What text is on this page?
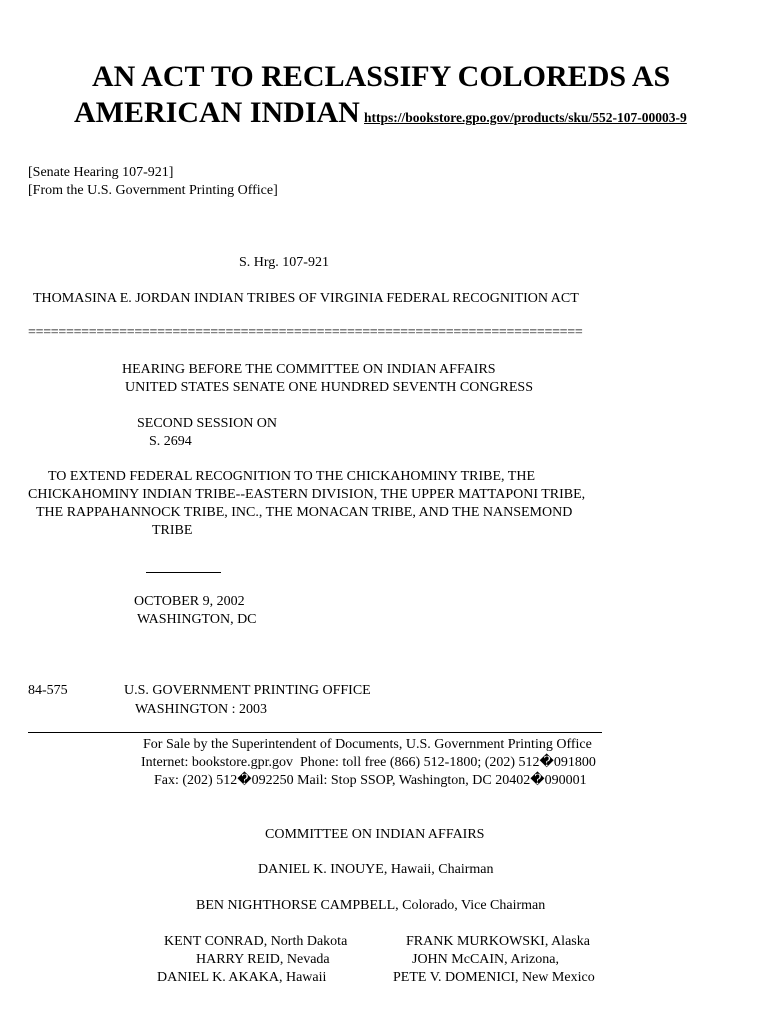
AN ACT TO RECLASSIFY COLOREDS AS
AMERICAN INDIAN https://bookstore.gpo.gov/products/sku/552-107-00003-9
[Senate Hearing 107-921]
[From the U.S. Government Printing Office]
S. Hrg. 107-921
THOMASINA E. JORDAN INDIAN TRIBES OF VIRGINIA FEDERAL RECOGNITION ACT
=========================================================================
HEARING BEFORE THE COMMITTEE ON INDIAN AFFAIRS
UNITED STATES SENATE ONE HUNDRED SEVENTH CONGRESS
SECOND SESSION ON
S. 2694
TO EXTEND FEDERAL RECOGNITION TO THE CHICKAHOMINY TRIBE, THE
CHICKAHOMINY INDIAN TRIBE--EASTERN DIVISION, THE UPPER MATTAPONI TRIBE,
THE RAPPAHANNOCK TRIBE, INC., THE MONACAN TRIBE, AND THE NANSEMOND
TRIBE
OCTOBER 9, 2002
WASHINGTON, DC
84-575	U.S. GOVERNMENT PRINTING OFFICE
WASHINGTON : 2003
For Sale by the Superintendent of Documents, U.S. Government Printing Office
Internet: bookstore.gpr.gov  Phone: toll free (866) 512-1800; (202) 512�091800
Fax: (202) 512�092250 Mail: Stop SSOP, Washington, DC 20402�090001
COMMITTEE ON INDIAN AFFAIRS
DANIEL K. INOUYE, Hawaii, Chairman
BEN NIGHTHORSE CAMPBELL, Colorado, Vice Chairman
KENT CONRAD, North Dakota
HARRY REID, Nevada
DANIEL K. AKAKA, Hawaii
FRANK MURKOWSKI, Alaska
JOHN McCAIN, Arizona,
PETE V. DOMENICI, New Mexico
